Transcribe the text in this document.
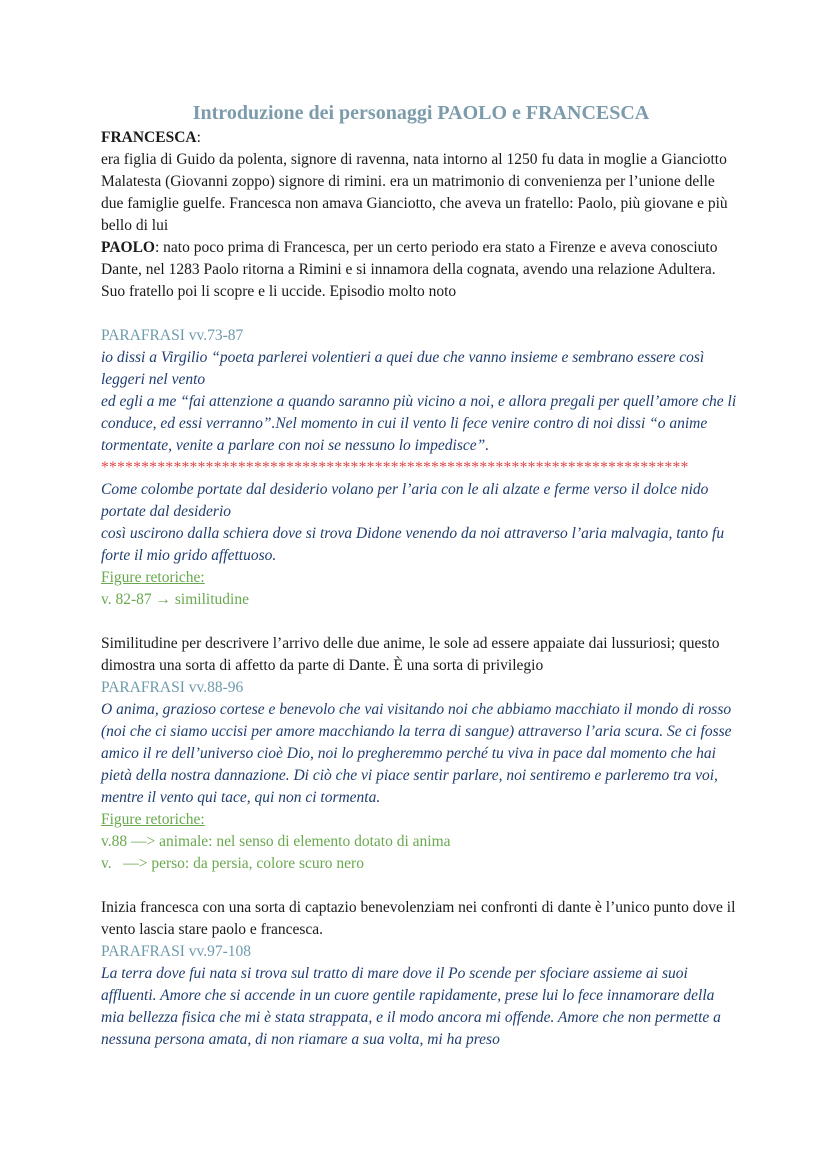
Introduzione dei personaggi PAOLO e FRANCESCA

FRANCESCA:

era figlia di Guido da polenta, signore di ravenna, nata intorno al 1250 fu data in moglie a Gianciotto Malatesta (Giovanni zoppo) signore di rimini. era un matrimonio di convenienza per l’unione delle due famiglie guelfe. Francesca non amava Gianciotto, che aveva un fratello: Paolo, più giovane e più bello di lui

PAOLO: nato poco prima di Francesca, per un certo periodo era stato a Firenze e aveva conosciuto Dante, nel 1283 Paolo ritorna a Rimini e si innamora della cognata, avendo una relazione Adultera. Suo fratello poi li scopre e li uccide. Episodio molto noto

PARAFRASI vv.73-87

io dissi a Virgilio “poeta parlerei volentieri a quei due che vanno insieme e sembrano essere così leggeri nel vento
ed egli a me “fai attenzione a quando saranno più vicino a noi, e allora pregali per quell’amore che li conduce, ed essi verranno”.Nel momento in cui il vento li fece venire contro di noi dissi “o anime tormentate, venite a parlare con noi se nessuno lo impedisce”.

*************************************************************************

Come colombe portate dal desiderio volano per l’aria con le ali alzate e ferme verso il dolce nido portate dal desiderio
così uscirono dalla schiera dove si trova Didone venendo da noi attraverso l’aria malvagia, tanto fu forte il mio grido affettuoso.

Figure retoriche:

v. 82-87 → similitudine

Similitudine per descrivere l’arrivo delle due anime, le sole ad essere appaiate dai lussuriosi; questo dimostra una sorta di affetto da parte di Dante. È una sorta di privilegio

PARAFRASI vv.88-96

O anima, grazioso cortese e benevolo che vai visitando noi che abbiamo macchiato il mondo di rosso (noi che ci siamo uccisi per amore macchiando la terra di sangue) attraverso l’aria scura. Se ci fosse amico il re dell’universo cioè Dio, noi lo pregheremmo perché tu viva in pace dal momento che hai pietà della nostra dannazione. Di ciò che vi piace sentir parlare, noi sentiremo e parleremo tra voi, mentre il vento qui tace, qui non ci tormenta.

Figure retoriche:

v.88 —> animale: nel senso di elemento dotato di anima

v.   —> perso: da persia, colore scuro nero

Inizia francesca con una sorta di captazio benevolenziam nei confronti di dante è l’unico punto dove il vento lascia stare paolo e francesca.

PARAFRASI vv.97-108

La terra dove fui nata si trova sul tratto di mare dove il Po scende per sfociare assieme ai suoi affluenti. Amore che si accende in un cuore gentile rapidamente, prese lui lo fece innamorare della mia bellezza fisica che mi è stata strappata, e il modo ancora mi offende. Amore che non permette a nessuna persona amata, di non riamare a sua volta, mi ha preso
